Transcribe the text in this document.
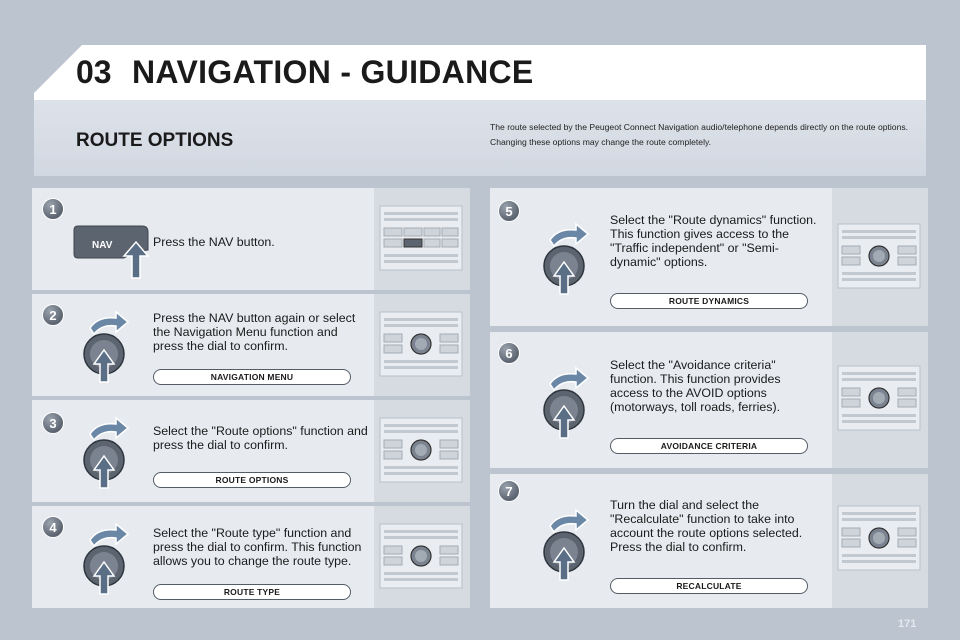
03 NAVIGATION - GUIDANCE
ROUTE OPTIONS

The route selected by the Peugeot Connect Navigation audio/telephone depends directly on the route options.

Changing these options may change the route completely.

1
NAV	Press the NAV button.
2	Press the NAV button again or select the Navigation Menu function and press the dial to confirm.
NAVIGATION MENU
3
Select the "Route options" function and press the dial to confirm.
ROUTE OPTIONS
4	Select the "Route type" function and press the dial to confirm. This function allows you to change the route type.
ROUTE TYPE
5
Select the "Route dynamics" function. This function gives access to the "Traffic independent" or "Semi-dynamic" options.
ROUTE DYNAMICS
6
Select the "Avoidance criteria" function. This function provides access to the AVOID options (motorways, toll roads, ferries).
AVOIDANCE CRITERIA
7
Turn the dial and select the "Recalculate" function to take into account the route options selected. Press the dial to confirm.
RECALCULATE
171
